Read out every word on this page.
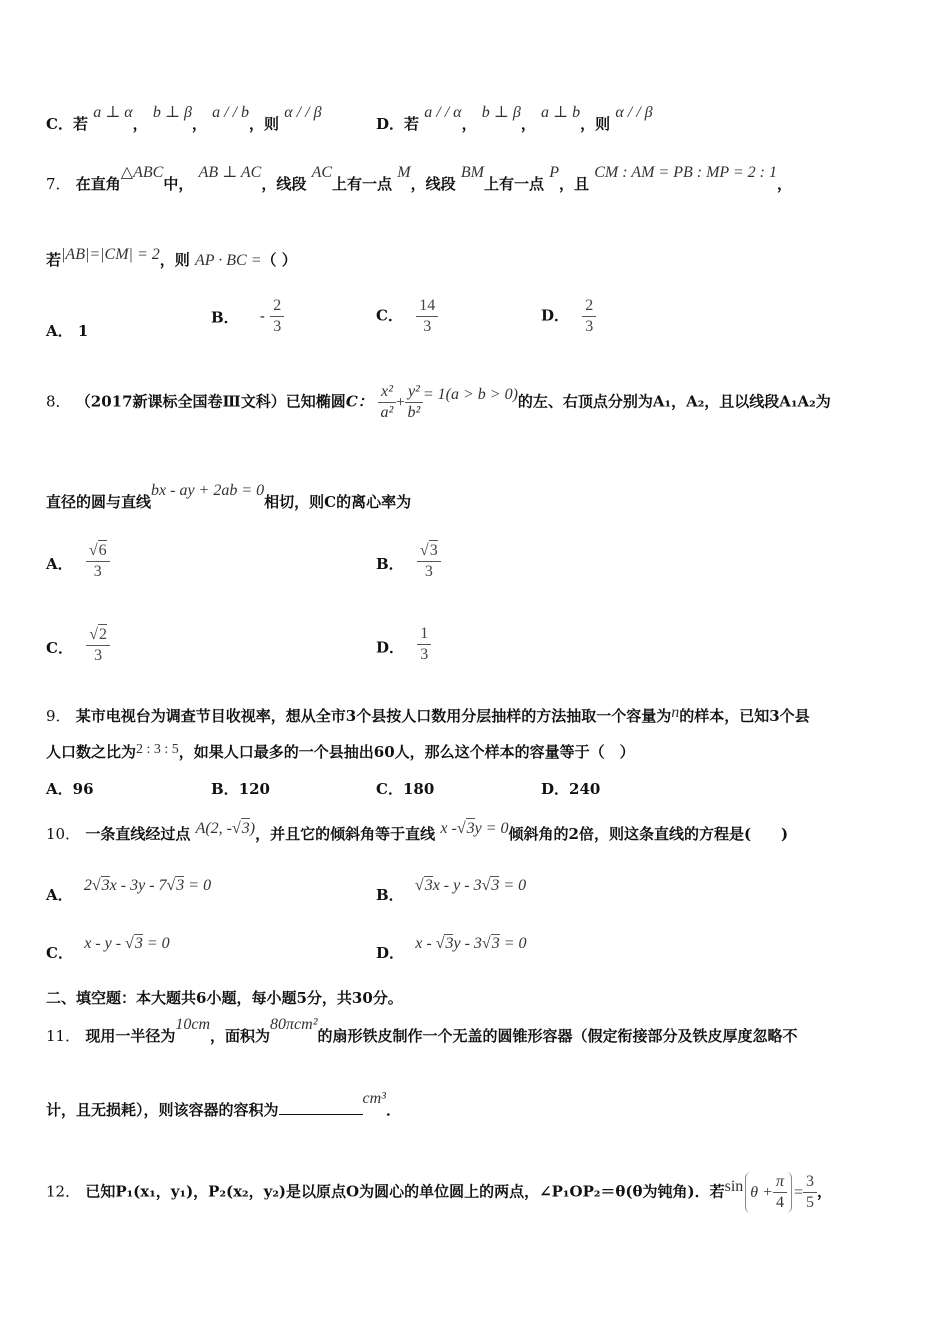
C．若 a ⊥ α， b ⊥ β， a / / b，则 α / / β
D．若 a / / α， b ⊥ β， a ⊥ b，则 α / / β
7． 在直角△ABC中， AB ⊥ AC，线段 AC上有一点 M，线段 BM上有一点 P，且 CM : AM = PB : MP = 2 : 1，
若|AB|=|CM| = 2，则 AP · BC =（ ）
A． 1
B． - $\frac{2}{3}$	C． $\frac{14}{3}$	D． $\frac{2}{3}$
8． （2017新课标全国卷Ⅲ文科）已知椭圆C： $\frac{\text{x²}}{\text{a²}} + \frac{\text{y²}}{\text{b²}} = 1(a > b > 0)$的左、右顶点分别为A₁，A₂，且以线段A₁A₂为
直径的圆与直线bx - ay + 2ab = 0相切，则C的离心率为
A． $\frac{√6}{3}$	B． $\frac{√3}{3}$
C． $\frac{√2}{3}$	D． $\frac{1}{3}$
9． 某市电视台为调查节目收视率，想从全市3个县按人口数用分层抽样的方法抽取一个容量为n的样本，已知3个县
人口数之比为2 : 3 : 5，如果人口最多的一个县抽出60人，那么这个样本的容量等于（　）
A．96	B．120	C．180	D．240
10． 一条直线经过点 A(2, -√3)，并且它的倾斜角等于直线 x -√3y = 0倾斜角的2倍，则这条直线的方程是(　　)
A． 2√3x - 3y - 7√3 = 0
B． √3x - y - 3√3 = 0
C． x - y - √3 = 0
D． x - √3y - 3√3 = 0
二、填空题：本大题共6小题，每小题5分，共30分。
11． 现用一半径为10cm，面积为80πcm²的扇形铁皮制作一个无盖的圆锥形容器（假定衔接部分及铁皮厚度忽略不
计，且无损耗），则该容器的容积为cm³．
12． 已知P₁(x₁，y₁)，P₂(x₂，y₂)是以原点O为圆心的单位圆上的两点，∠P₁OP₂＝θ(θ为钝角)．若$\sin \theta + \frac{\pi}{4} = \frac{3}{5}$ ，
